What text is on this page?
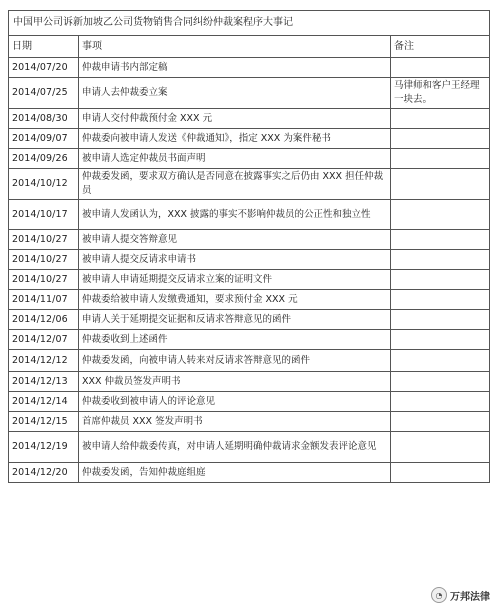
中国甲公司诉新加坡乙公司货物销售合同纠纷仲裁案程序大事记		
日期	事项	备注
2014/07/20	仲裁申请书内部定稿	
2014/07/25	申请人去仲裁委立案	马律师和客户王经理一块去。
2014/08/30	申请人交付仲裁预付金 XXX 元	
2014/09/07	仲裁委向被申请人发送《仲裁通知》，指定 XXX 为案件秘书	
2014/09/26	被申请人选定仲裁员书面声明	
2014/10/12	仲裁委发函，要求双方确认是否同意在披露事实之后仍由 XXX 担任仲裁员	
2014/10/17	被申请人发函认为，XXX 披露的事实不影响仲裁员的公正性和独立性	
2014/10/27	被申请人提交答辩意见	
2014/10/27	被申请人提交反请求申请书	
2014/10/27	被申请人申请延期提交反请求立案的证明文件	
2014/11/07	仲裁委给被申请人发缴费通知，要求预付金 XXX 元	
2014/12/06	申请人关于延期提交证据和反请求答辩意见的函件	
2014/12/07	仲裁委收到上述函件	
2014/12/12	仲裁委发函，向被申请人转来对反请求答辩意见的函件	
2014/12/13	XXX 仲裁员签发声明书	
2014/12/14	仲裁委收到被申请人的评论意见	
2014/12/15	首席仲裁员 XXX 签发声明书	
2014/12/19	被申请人给仲裁委传真，对申请人延期明确仲裁请求金额发表评论意见	
2014/12/20	仲裁委发函，告知仲裁庭组庭	
◔ 万邦法律
